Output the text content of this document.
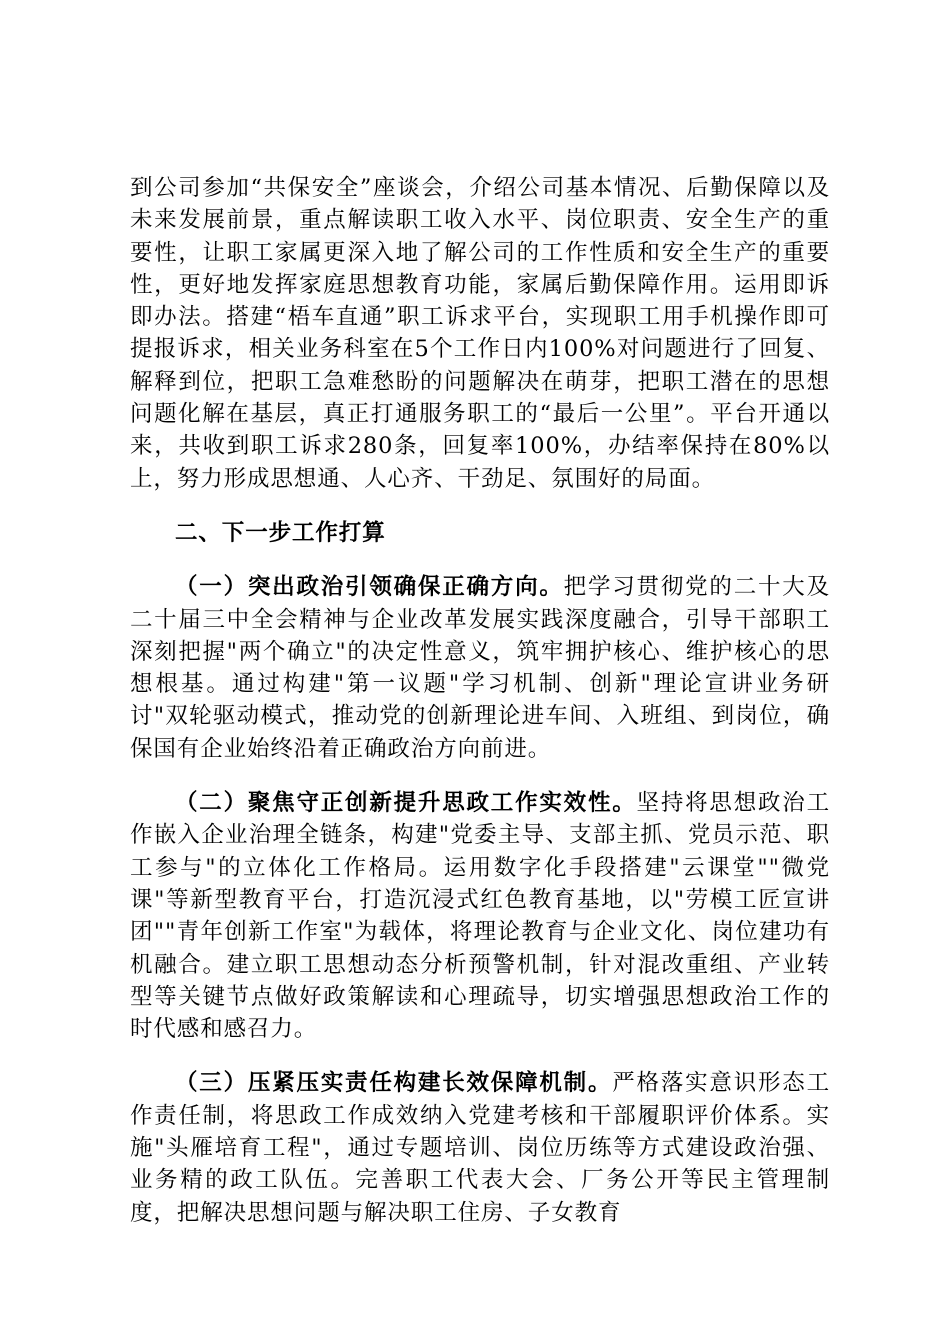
到公司参加“共保安全”座谈会，介绍公司基本情况、后勤保障以及未来发展前景，重点解读职工收入水平、岗位职责、安全生产的重要性，让职工家属更深入地了解公司的工作性质和安全生产的重要性，更好地发挥家庭思想教育功能，家属后勤保障作用。运用即诉即办法。搭建“梧车直通”职工诉求平台，实现职工用手机操作即可提报诉求，相关业务科室在5个工作日内100%对问题进行了回复、解释到位，把职工急难愁盼的问题解决在萌芽，把职工潜在的思想问题化解在基层，真正打通服务职工的“最后一公里”。平台开通以来，共收到职工诉求280条，回复率100%，办结率保持在80%以上，努力形成思想通、人心齐、干劲足、氛围好的局面。

二、下一步工作打算

（一）突出政治引领确保正确方向。把学习贯彻党的二十大及二十届三中全会精神与企业改革发展实践深度融合，引导干部职工深刻把握"两个确立"的决定性意义，筑牢拥护核心、维护核心的思想根基。通过构建"第一议题"学习机制、创新"理论宣讲业务研讨"双轮驱动模式，推动党的创新理论进车间、入班组、到岗位，确保国有企业始终沿着正确政治方向前进。

（二）聚焦守正创新提升思政工作实效性。坚持将思想政治工作嵌入企业治理全链条，构建"党委主导、支部主抓、党员示范、职工参与"的立体化工作格局。运用数字化手段搭建"云课堂""微党课"等新型教育平台，打造沉浸式红色教育基地，以"劳模工匠宣讲团""青年创新工作室"为载体，将理论教育与企业文化、岗位建功有机融合。建立职工思想动态分析预警机制，针对混改重组、产业转型等关键节点做好政策解读和心理疏导，切实增强思想政治工作的时代感和感召力。

（三）压紧压实责任构建长效保障机制。严格落实意识形态工作责任制，将思政工作成效纳入党建考核和干部履职评价体系。实施"头雁培育工程"，通过专题培训、岗位历练等方式建设政治强、业务精的政工队伍。完善职工代表大会、厂务公开等民主管理制度，把解决思想问题与解决职工住房、子女教育
